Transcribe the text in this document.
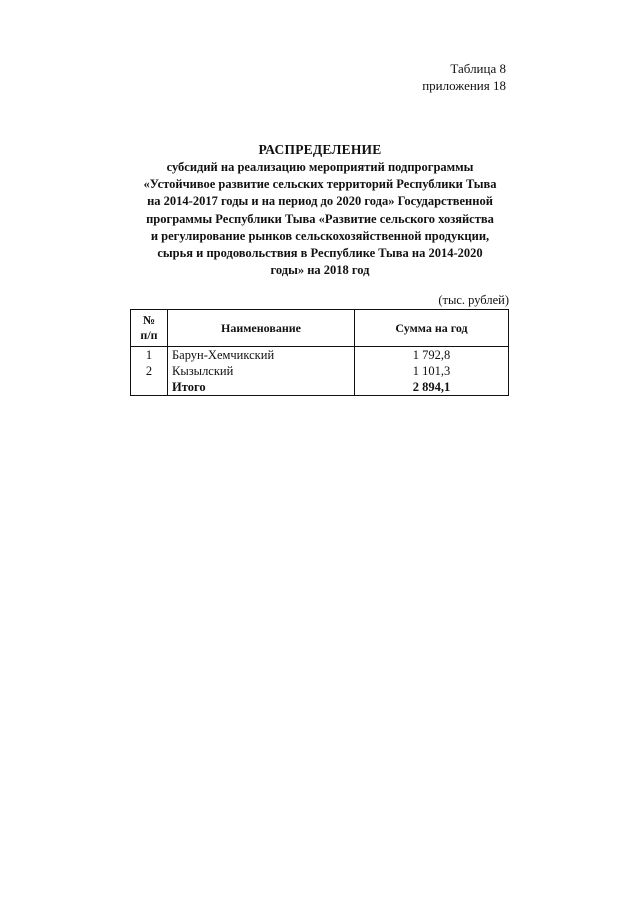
Таблица 8
приложения 18
РАСПРЕДЕЛЕНИЕ
субсидий на реализацию мероприятий подпрограммы
«Устойчивое развитие сельских территорий Республики Тыва
на 2014-2017 годы и на период до 2020 года» Государственной
программы Республики Тыва «Развитие сельского хозяйства
и регулирование рынков сельскохозяйственной продукции,
сырья и продовольствия в Республике Тыва на 2014-2020
годы» на 2018 год
(тыс. рублей)
№
п/п	Наименование	Сумма на год
1	Барун-Хемчикский	1 792,8
2	Кызылский	1 101,3
	Итого	2 894,1
